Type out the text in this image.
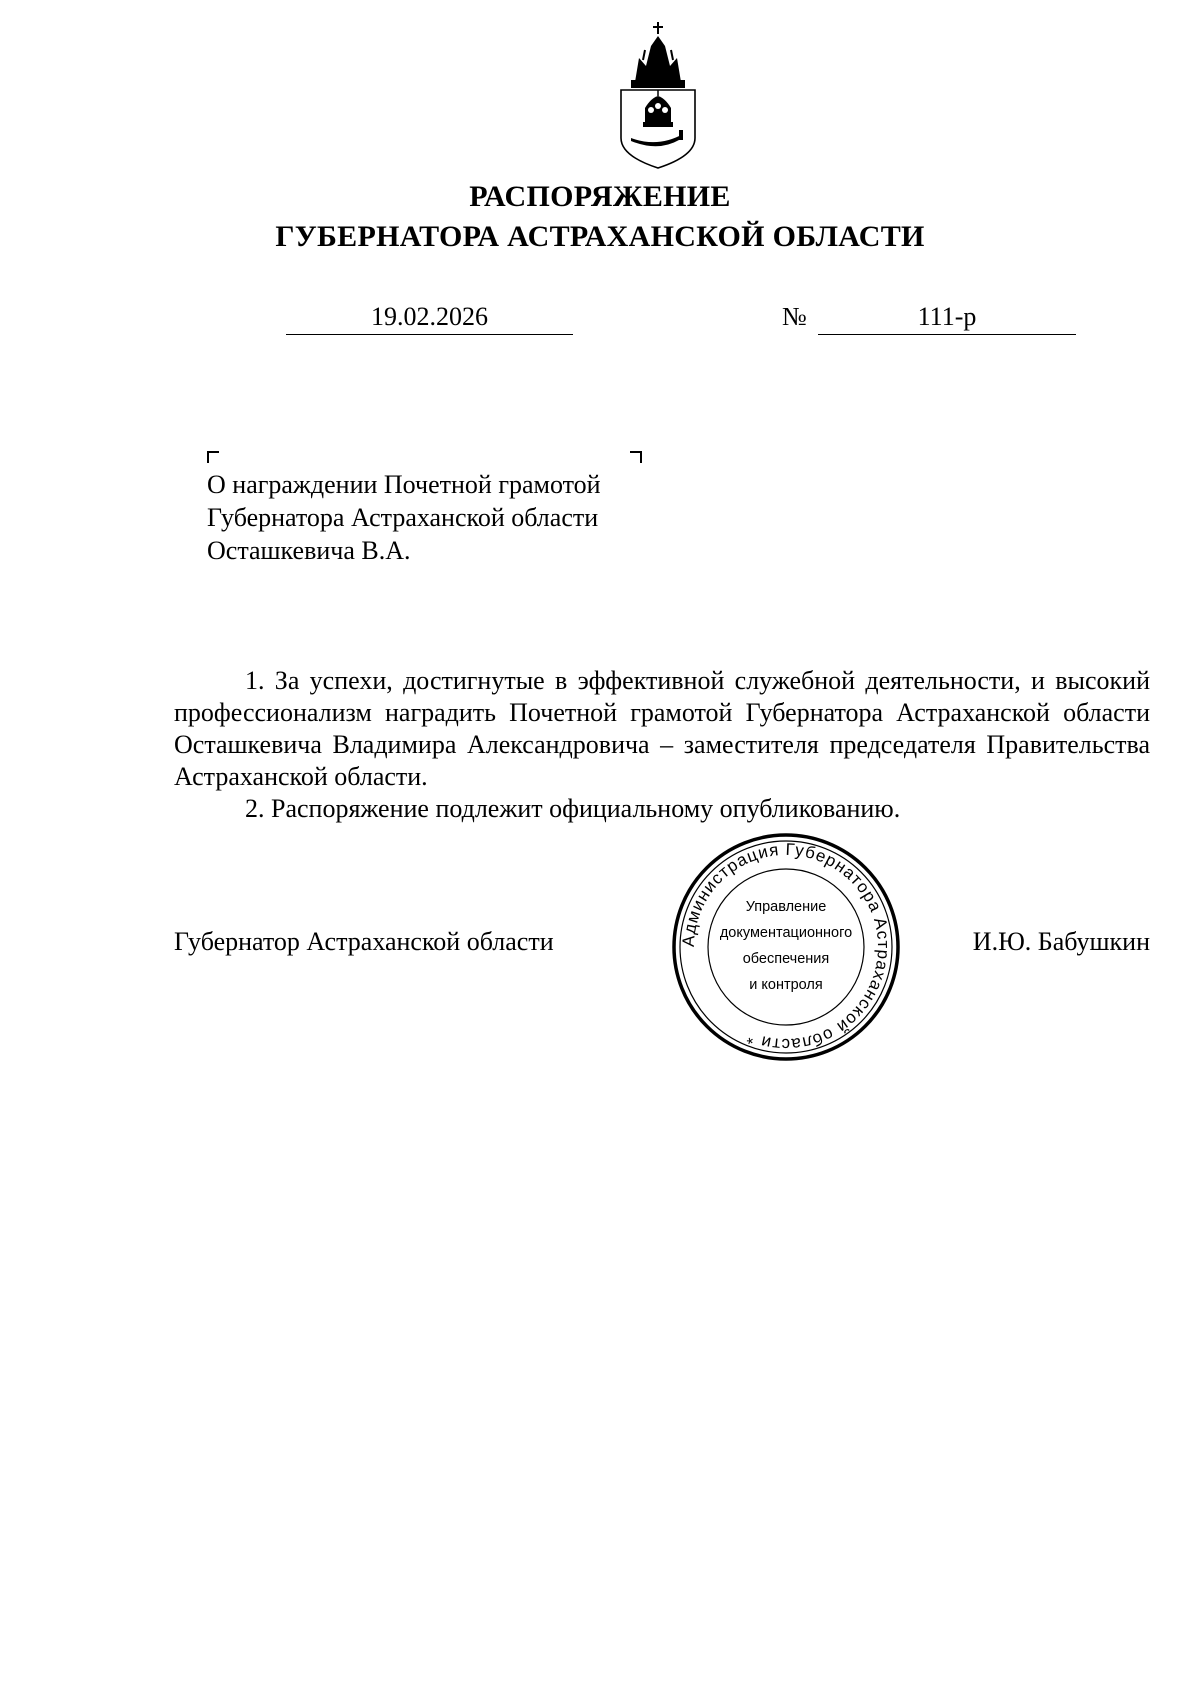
РАСПОРЯЖЕНИЕ
ГУБЕРНАТОРА АСТРАХАНСКОЙ ОБЛАСТИ
19.02.2026	№	111-р
О награждении Почетной грамотой
Губернатора Астраханской области
Осташкевича В.А.

1. За успехи, достигнутые в эффективной служебной деятельности, и высокий профессионализм наградить Почетной грамотой Губернатора Астраханской области Осташкевича Владимира Александровича – заместителя председателя Правительства Астраханской области.

2. Распоряжение подлежит официальному опубликованию.

Губернатор Астраханской области	Администрация Губернатора Астраханской области *
Управление
документационного
обеспечения
и контроля
И.Ю. Бабушкин
